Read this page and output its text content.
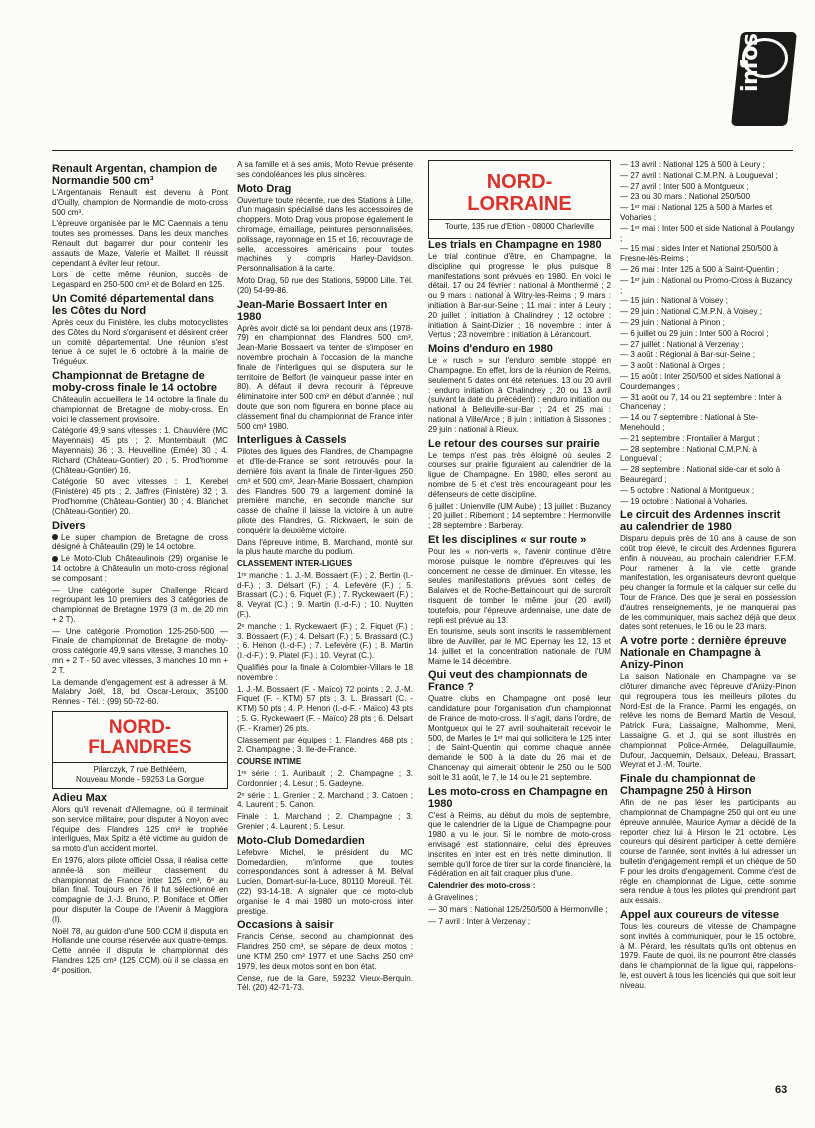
infos
Renault Argentan, champion de Normandie 500 cm³

L'Argentanais Renault est devenu à Pont d'Ouilly, champion de Normandie de moto-cross 500 cm³.

L'épreuve organisée par le MC Caennais a tenu toutes ses promesses. Dans les deux manches Renault dut bagarrer dur pour contenir les assauts de Maze, Valerie et Maillet. Il réussit cependant à éviter leur retour.

Lors de cette même réunion, succès de Legaspard en 250-500 cm³ et de Bolard en 125.

Un Comité départemental dans les Côtes du Nord

Après ceux du Finistère, les clubs motocyclistes des Côtes du Nord s'organisent et désirent créer un comité départemental. Une réunion s'est tenue à ce sujet le 6 octobre à la mairie de Tréguéux.

Championnat de Bretagne de moby-cross finale le 14 octobre

Châteaulin accueillera le 14 octobre la finale du championnat de Bretagne de moby-cross. En voici le classement provisoire.

Catégorie 49,9 sans vitesses : 1. Chauvière (MC Mayennais) 45 pts ; 2. Montembault (MC Mayennais) 36 ; 3. Heuvelline (Ernée) 30 ; 4. Richard (Château-Gontier) 20 ; 5. Prod'homme (Château-Gontier) 16.

Catégorie 50 avec vitesses : 1. Kerebel (Finistère) 45 pts ; 2. Jaffres (Finistère) 32 ; 3. Prod'homme (Château-Gontier) 30 ; 4. Blanchet (Château-Gontier) 20.

Divers

Le super champion de Bretagne de cross désigné à Châteaulin (29) le 14 octobre.

Le Moto-Club Châteaulinois (29) organise le 14 octobre à Châteaulin un moto-cross régional se composant :

— Une catégorie super Challenge Ricard regroupant les 10 premiers des 3 catégories de championnat de Bretagne 1979 (3 m. de 20 mn + 2 T).

— Une catégorie Promotion 125-250-500 — Finale de championnat de Bretagne de moby-cross catégorie 49,9 sans vitesse, 3 manches 10 mn + 2 T - 50 avec vitesses, 3 manches 10 mn + 2 T.

La demande d'engagement est à adresser à M. Malabry Joël, 18, bd Oscar-Leroux, 35100 Rennes - Tél. : (99) 50-72-60.

NORD-
FLANDRES
Pilarczyk, 7 rue Bethléem,
Nouveau Monde - 59253 La Gorgue
Adieu Max

Alors qu'il revenait d'Allemagne, où il terminait son service militaire, pour disputer à Noyon avec l'équipe des Flandres 125 cm³ le trophée interligues, Max Spitz a été victime au guidon de sa moto d'un accident mortel.

En 1976, alors pilote officiel Ossa, il réalisa cette année-là son meilleur classement du championnat de France inter 125 cm³, 6ᵉ au bilan final. Toujours en 76 il fut sélectionné en compagnie de J.-J. Bruno, P. Boniface et Offier pour disputer la Coupe de l'Avenir à Maggiora (I).

Noël 78, au guidon d'une 500 CCM il disputa en Hollande une course réservée aux quatre-temps. Cette année il disputa le championnat des Flandres 125 cm³ (125 CCM) où il se classa en 4ᵉ position.

A sa famille et à ses amis, Moto Revue présente ses condoléances les plus sincères.

Moto Drag

Ouverture toute récente, rue des Stations à Lille, d'un magasin spécialisé dans les accessoires de choppers. Moto Drag vous propose également le chromage, émaillage, peintures personnalisées, polissage, rayonnage en 15 et 16, recouvrage de selle, accessoires américains pour toutes machines y compris Harley-Davidson. Personnalisation à la carte.

Moto Drag, 50 rue des Stations, 59000 Lille. Tél. (20) 54-99-86.

Jean-Marie Bossaert Inter en 1980

Après avoir dicté sa loi pendant deux ans (1978-79) en championnat des Flandres 500 cm³, Jean-Marie Bossaert va tenter de s'imposer en novembre prochain à l'occasion de la manche finale de l'interligues qui se disputera sur le territoire de Belfort (le vainqueur passe inter en 80). A défaut il devra recourir à l'épreuve éliminatoire inter 500 cm³ en début d'année ; nul doute que son nom figurera en bonne place au classement final du championnat de France inter 500 cm³ 1980.

Interligues à Cassels

Pilotes des ligues des Flandres, de Champagne et d'Ile-de-France se sont retrouvés pour la dernière fois avant la finale de l'inter-ligues 250 cm³ et 500 cm³, Jean-Marie Bossaert, champion des Flandres 500 79 a largement dominé la première manche, en seconde manche sur casse de chaîne il laisse la victoire à un autre pilote des Flandres, G. Rickwaert, le soin de conquérir la deuxième victoire.

Dans l'épreuve intime, B. Marchand, monté sur la plus haute marche du podium.

CLASSEMENT INTER-LIGUES

1ʳᵉ manche : 1. J.-M. Bossaert (F.) ; 2. Bertin (I.-d-F.) ; 3. Delsart (F.) ; 4. Lefevère (F.) ; 5. Brassart (C.) ; 6. Fiquet (F.) ; 7. Ryckewaert (F.) ; 8. Veyrat (C.) ; 9. Martin (I.-d-F.) ; 10. Nuytten (F.).

2ᵉ manche : 1. Ryckewaert (F.) ; 2. Fiquet (F.) ; 3. Bossaert (F.) ; 4. Delsart (F.) ; 5. Brassard (C.) ; 6. Henon (I.-d-F.) ; 7. Lefevère (F.) ; 8. Martin (I.-d-F.) ; 9. Platel (F.) ; 10. Veyrat (C.).

Qualifiés pour la finale à Colombier-Villars le 18 novembre :

1. J.-M. Bossaert (F. - Maïco) 72 points ; 2. J.-M. Fiquet (F. - KTM) 57 pts ; 3. L. Brassart (C. - KTM) 50 pts ; 4. P. Henon (I.-d-F. - Maïco) 43 pts ; 5. G. Ryckewaert (F. - Maïco) 28 pts ; 6. Delsart (F. - Kramer) 26 pts.

Classement par équipes : 1. Flandres 468 pts ; 2. Champagne ; 3. Ile-de-France.

COURSE INTIME

1ʳᵉ série : 1. Auribault ; 2. Champagne ; 3. Cordonnier ; 4. Lesur ; 5. Gadeyne.

2ᵉ série : 1. Grenier ; 2. Marchand ; 3. Catoen ; 4. Laurent ; 5. Canon.

Finale : 1. Marchand ; 2. Champagne ; 3. Grenier ; 4. Laurent ; 5. Lesur.

Moto-Club Domedardien

Lefebvre Michel, le président du MC Domedardien, m'informe que toutes correspondances sont à adresser à M. Belval Lucien, Domart-sur-la-Luce, 80110 Moreuil. Tél. (22) 93-14-18. A signaler que ce moto-club organise le 4 mai 1980 un moto-cross inter prestige.

Occasions à saisir

Francis Cense, second au championnat des Flandres 250 cm³, se sépare de deux motos : une KTM 250 cm³ 1977 et une Sachs 250 cm³ 1979, les deux motos sont en bon état.

Cense, rue de la Gare, 59232 Vieux-Berquin. Tél. (20) 42-71-73.

NORD-
LORRAINE
Tourte, 135 rue d'Etion - 08000 Charleville
Les trials en Champagne en 1980

Le trial continue d'être, en Champagne, la discipline qui progresse le plus puisque 8 manifestations sont prévues en 1980. En voici le détail. 17 ou 24 février : national à Monthermé ; 2 ou 9 mars : national à Witry-les-Reims ; 9 mars : initiation à Bar-sur-Seine ; 11 mai : inter à Leury ; 20 juillet : initiation à Chalindrey ; 12 octobre : initiation à Saint-Dizier ; 16 novembre : inter à Vertus ; 23 novembre : initiation à Lérancourt.

Moins d'enduro en 1980

Le « rusch » sur l'enduro semble stoppé en Champagne. En effet, lors de la réunion de Reims, seulement 5 dates ont été retenues. 13 ou 20 avril : enduro initiation à Chalindrey ; 20 ou 13 avril (suivant la date du précédent) : enduro initiation ou national à Belleville-sur-Bar ; 24 et 25 mai : national à Ville/Arce ; 8 juin : initiation à Sissones ; 29 juin : national à Rieux.

Le retour des courses sur prairie

Le temps n'est pas très éloigné où seules 2 courses sur prairie figuraient au calendrier de la ligue de Champagne. En 1980, elles seront au nombre de 5 et c'est très encourageant pour les défenseurs de cette discipline.

6 juillet : Unienville (UM Aube) ; 13 juillet : Buzancy ; 20 juillet : Ribemont ; 14 septembre : Hermonville ; 28 septembre : Barberay.

Et les disciplines « sur route »

Pour les « non-verts », l'avenir continue d'être morose puisque le nombre d'épreuves qui les concernent ne cesse de diminuer. En vitesse, les seules manifestations prévues sont celles de Balaives et de Roche-Bettaincourt qui de surcroît risquent de tomber le même jour (20 avril) toutefois, pour l'épreuve ardennaise, une date de repli est prévue au 13.

En tourisme, seuls sont inscrits le rassemblement libre de Auviller, par le MC Epernay les 12, 13 et 14 juillet et la concentration nationale de l'UM Marne le 14 décembre.

Qui veut des championnats de France ?

Quatre clubs en Champagne ont posé leur candidature pour l'organisation d'un championnat de France de moto-cross. Il s'agit, dans l'ordre, de Montgueux qui le 27 avril souhaiterait recevoir le 500, de Marles le 1ᵉʳ mai qui sollicitera le 125 inter ; de Saint-Quentin qui comme chaque année demande le 500 à la date du 26 mai et de Chancenay qui aimerait obtenir le 250 ou le 500 soit le 31 août, le 7, le 14 ou le 21 septembre.

Les moto-cross en Champagne en 1980

C'est à Reims, au début du mois de septembre, que le calendrier de la Ligue de Champagne pour 1980 a vu le jour. Si le nombre de moto-cross envisagé est stationnaire, celui des épreuves inscrites en inter est en très nette diminution. Il semble qu'il force de tirer sur la corde financière, la Fédération en ait fait craquer plus d'une.

Calendrier des moto-cross :

à Gravelines ;

— 30 mars : National 125/250/500 à Hermonville ;

— 7 avril : Inter à Verzenay ;

— 13 avril : National 125 à 500 à Leury ;
— 27 avril : National C.M.P.N. à Lougueval ;
— 27 avril : Inter 500 à Montgueux ;
— 23 ou 30 mars : National 250/500
— 1ᵉʳ mai : National 125 à 500 à Marles et Voharies ;
— 1ᵉʳ mai : Inter 500 et side National à Poulangy ;
— 15 mai : sides Inter et National 250/500 à Fresne-lès-Reims ;
— 26 mai : Inter 125 à 500 à Saint-Quentin ;
— 1ᵉʳ juin : National ou Promo-Cross à Buzancy ;
— 15 juin : National à Voisey ;
— 29 juin : National C.M.P.N. à Voisey ;
— 29 juin : National à Pinon ;
— 6 juillet ou 29 juin : Inter 500 à Rocroi ;
— 27 juillet : National à Verzenay ;
— 3 août : Régional à Bar-sur-Seine ;
— 3 août : National à Orges ;
— 15 août : Inter 250/500 et sides National à Courdemanges ;
— 31 août ou 7, 14 ou 21 septembre : Inter à Chancenay ;
— 14 ou 7 septembre : National à Ste-Menehould ;
— 21 septembre : Frontalier à Margut ;
— 28 septembre : National C.M.P.N. à Longueval ;
— 28 septembre : National side-car et solo à Beauregard ;
— 5 octobre : National à Montgueux ;
— 19 octobre : National à Voharies.
Le circuit des Ardennes inscrit au calendrier de 1980

Disparu depuis près de 10 ans à cause de son coût trop élevé, le circuit des Ardennes figurera enfin à nouveau, au prochain calendrier F.F.M. Pour ramener à la vie cette grande manifestation, les organisateurs devront quelque peu changer la formule et la calquer sur celle du Tour de France. Des que je serai en possession d'autres renseignements, je ne manquerai pas de les communiquer, mais sachez déjà que deux dates sont retenues, le 16 ou le 23 mars.

A votre porte : dernière épreuve Nationale en Champagne à Anizy-Pinon

La saison Nationale en Champagne va se clôturer dimanche avec l'épreuve d'Anizy-Pinon qui regroupera tous les meilleurs pilotes du Nord-Est de la France. Parmi les engagés, on relève les noms de Bernard Martin de Vesoul, Patrick Fura, Lassaigne, Malhomme, Meni, Lassaigne G. et J. qui se sont illustrés en championnat Police-Armée, Delaguillaumie, Dufour, Jacquemin, Delsaux, Deleau, Brassart, Weyrat et J.-M. Tourte.

Finale du championnat de Champagne 250 à Hirson

Afin de ne pas léser les participants au championnat de Champagne 250 qui ont eu une épreuve annulée, Maurice Aymar a décidé de la reporter chez lui à Hirson le 21 octobre. Les coureurs qui désirent participer à cette dernière course de l'année, sont invités à lui adresser un bulletin d'engagement rempli et un chèque de 50 F pour les droits d'engagement. Comme c'est de règle en championnat de Ligue, cette somme sera rendue à tous les pilotes qui prendront part aux essais.

Appel aux coureurs de vitesse

Tous les coureurs de vitesse de Champagne sont invités à communiquer, pour le 15 octobre, à M. Pérard, les résultats qu'ils ont obtenus en 1979. Faute de quoi, ils ne pourront être classés dans le championnat de la ligue qui, rappelons-le, est ouvert à tous les licenciés qui que soit leur niveau.

63
